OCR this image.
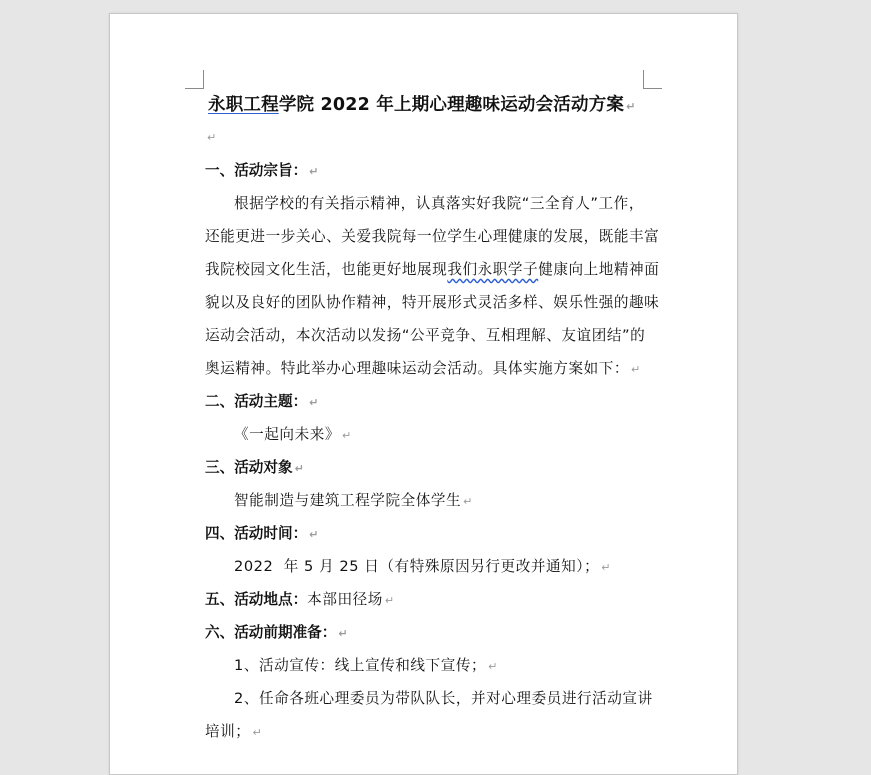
永职工程学院 2022 年上期心理趣味运动会活动方案 ↵
↵
一、活动宗旨： ↵
根据学校的有关指示精神，认真落实好我院“三全育人”工作，
还能更进一步关心、关爱我院每一位学生心理健康的发展，既能丰富
我院校园文化生活，也能更好地展现我们永职学子健康向上地精神面
貌以及良好的团队协作精神，特开展形式灵活多样、娱乐性强的趣味
运动会活动，本次活动以发扬“公平竞争、互相理解、友谊团结”的
奥运精神。特此举办心理趣味运动会活动。具体实施方案如下： ↵
二、活动主题： ↵
《一起向未来》 ↵
三、活动对象 ↵
智能制造与建筑工程学院全体学生 ↵
四、活动时间： ↵
2022  年 5 月 25 日（有特殊原因另行更改并通知）； ↵
五、活动地点：本部田径场 ↵
六、活动前期准备： ↵
1、活动宣传：线上宣传和线下宣传； ↵
2、任命各班心理委员为带队队长，并对心理委员进行活动宣讲
培训； ↵
